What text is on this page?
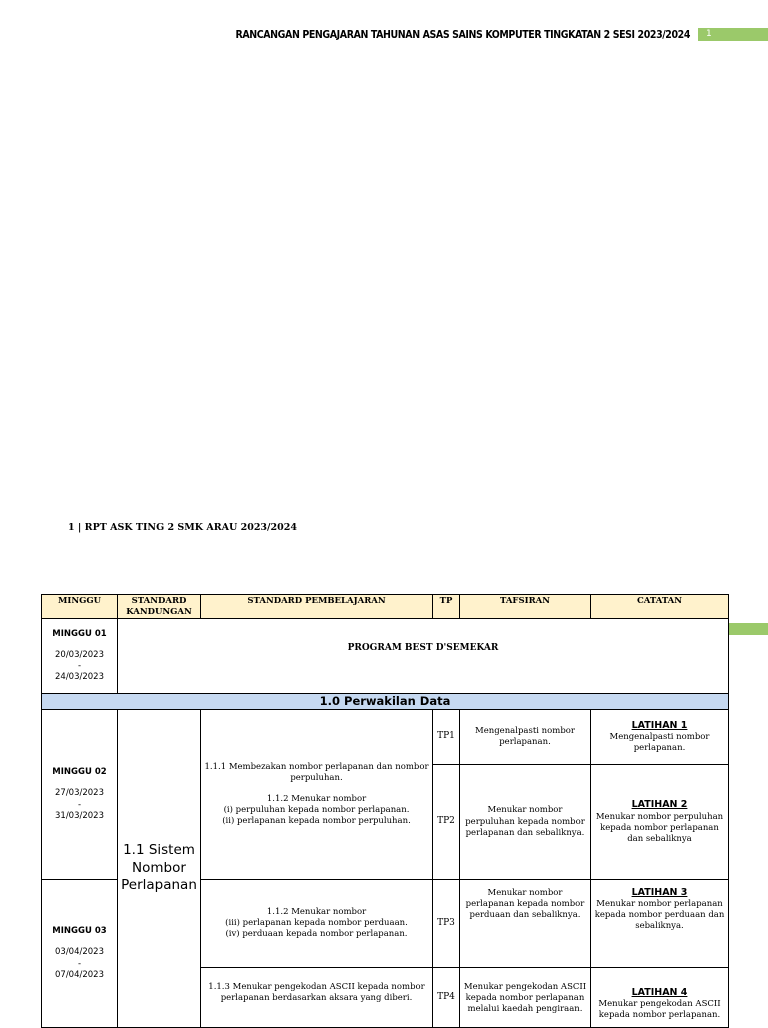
RANCANGAN PENGAJARAN TAHUNAN ASAS SAINS KOMPUTER TINGKATAN 2 SESI 2023/2024	1
1 | RPT ASK TING 2 SMK ARAU 2023/2024
MINGGU	STANDARD KANDUNGAN	STANDARD PEMBELAJARAN	TP	TAFSIRAN	CATATAN

MINGGU 01
20/03/2023
-
24/03/2023	PROGRAM BEST D'SEMEKAR				
1.0 Perwakilan Data					

MINGGU 02
27/03/2023
-
31/03/2023	1.1 Sistem Nombor Perlapanan	1.1.1 Membezakan nombor perlapanan dan nombor perpuluhan.
1.1.2 Menukar nombor
(i) perpuluhan kepada nombor perlapanan.
(ii) perlapanan kepada nombor perpuluhan.	TP1	Mengenalpasti nombor perlapanan.	LATIHAN 1
Mengenalpasti nombor perlapanan.

			TP2	Menukar nombor perpuluhan kepada nombor perlapanan dan sebaliknya.	LATIHAN 2
Menukar nombor perpuluhan kepada nombor perlapanan dan sebaliknya

MINGGU 03
03/04/2023
-
07/04/2023		1.1.2 Menukar nombor
(iii) perlapanan kepada nombor perduaan.
(iv) perduaan kepada nombor perlapanan.	TP3	Menukar nombor perlapanan kepada nombor perduaan dan sebaliknya.	LATIHAN 3
Menukar nombor perlapanan kepada nombor perduaan dan sebaliknya.

		1.1.3 Menukar pengekodan ASCII kepada nombor perlapanan berdasarkan aksara yang diberi.	TP4	Menukar pengekodan ASCII kepada nombor perlapanan melalui kaedah pengiraan.	LATIHAN 4
Menukar pengekodan ASCII kepada nombor perlapanan.
